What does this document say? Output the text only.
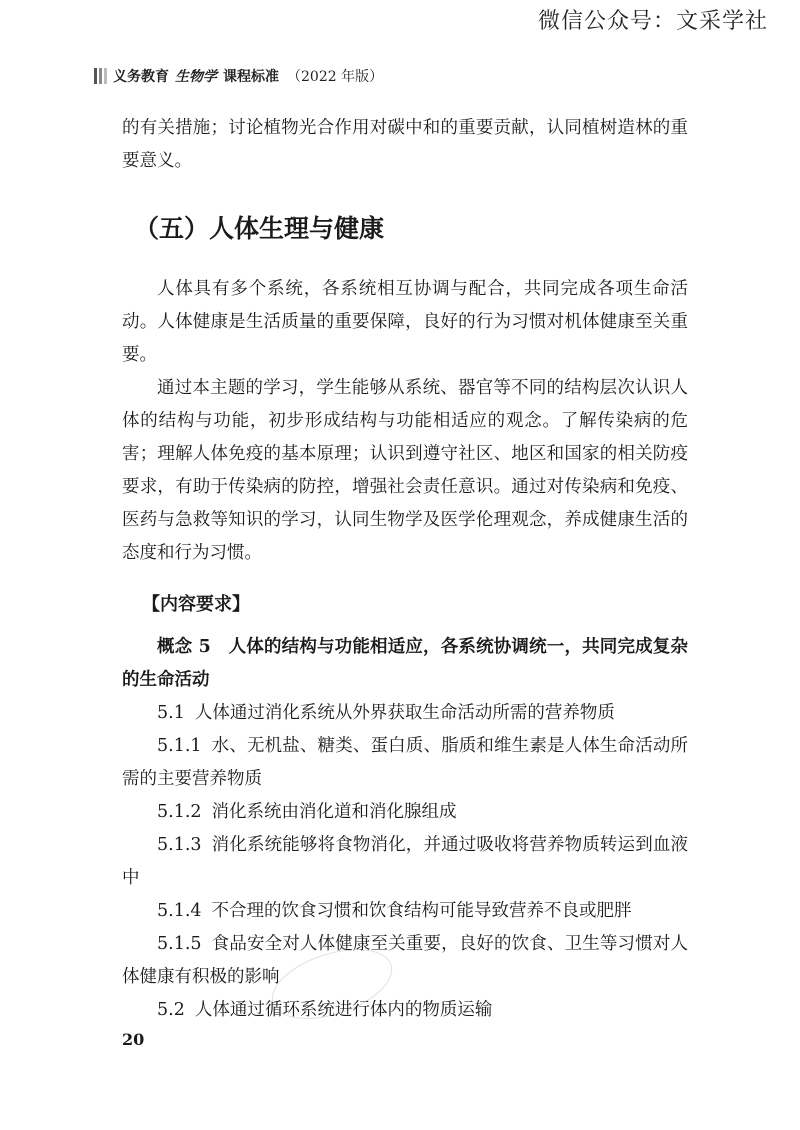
微信公众号：文采学社
义务教育 生物学 课程标准 （2022 年版）

的有关措施；讨论植物光合作用对碳中和的重要贡献，认同植树造林的重要意义。

（五）人体生理与健康

人体具有多个系统，各系统相互协调与配合，共同完成各项生命活动。人体健康是生活质量的重要保障，良好的行为习惯对机体健康至关重要。

通过本主题的学习，学生能够从系统、器官等不同的结构层次认识人体的结构与功能，初步形成结构与功能相适应的观念。了解传染病的危害；理解人体免疫的基本原理；认识到遵守社区、地区和国家的相关防疫要求，有助于传染病的防控，增强社会责任意识。通过对传染病和免疫、医药与急救等知识的学习，认同生物学及医学伦理观念，养成健康生活的态度和行为习惯。

【内容要求】

概念 5　人体的结构与功能相适应，各系统协调统一，共同完成复杂的生命活动

5.1 人体通过消化系统从外界获取生命活动所需的营养物质

5.1.1 水、无机盐、糖类、蛋白质、脂质和维生素是人体生命活动所需的主要营养物质

5.1.2 消化系统由消化道和消化腺组成

5.1.3 消化系统能够将食物消化，并通过吸收将营养物质转运到血液中

5.1.4 不合理的饮食习惯和饮食结构可能导致营养不良或肥胖

5.1.5 食品安全对人体健康至关重要，良好的饮食、卫生等习惯对人体健康有积极的影响

5.2 人体通过循环系统进行体内的物质运输

20
